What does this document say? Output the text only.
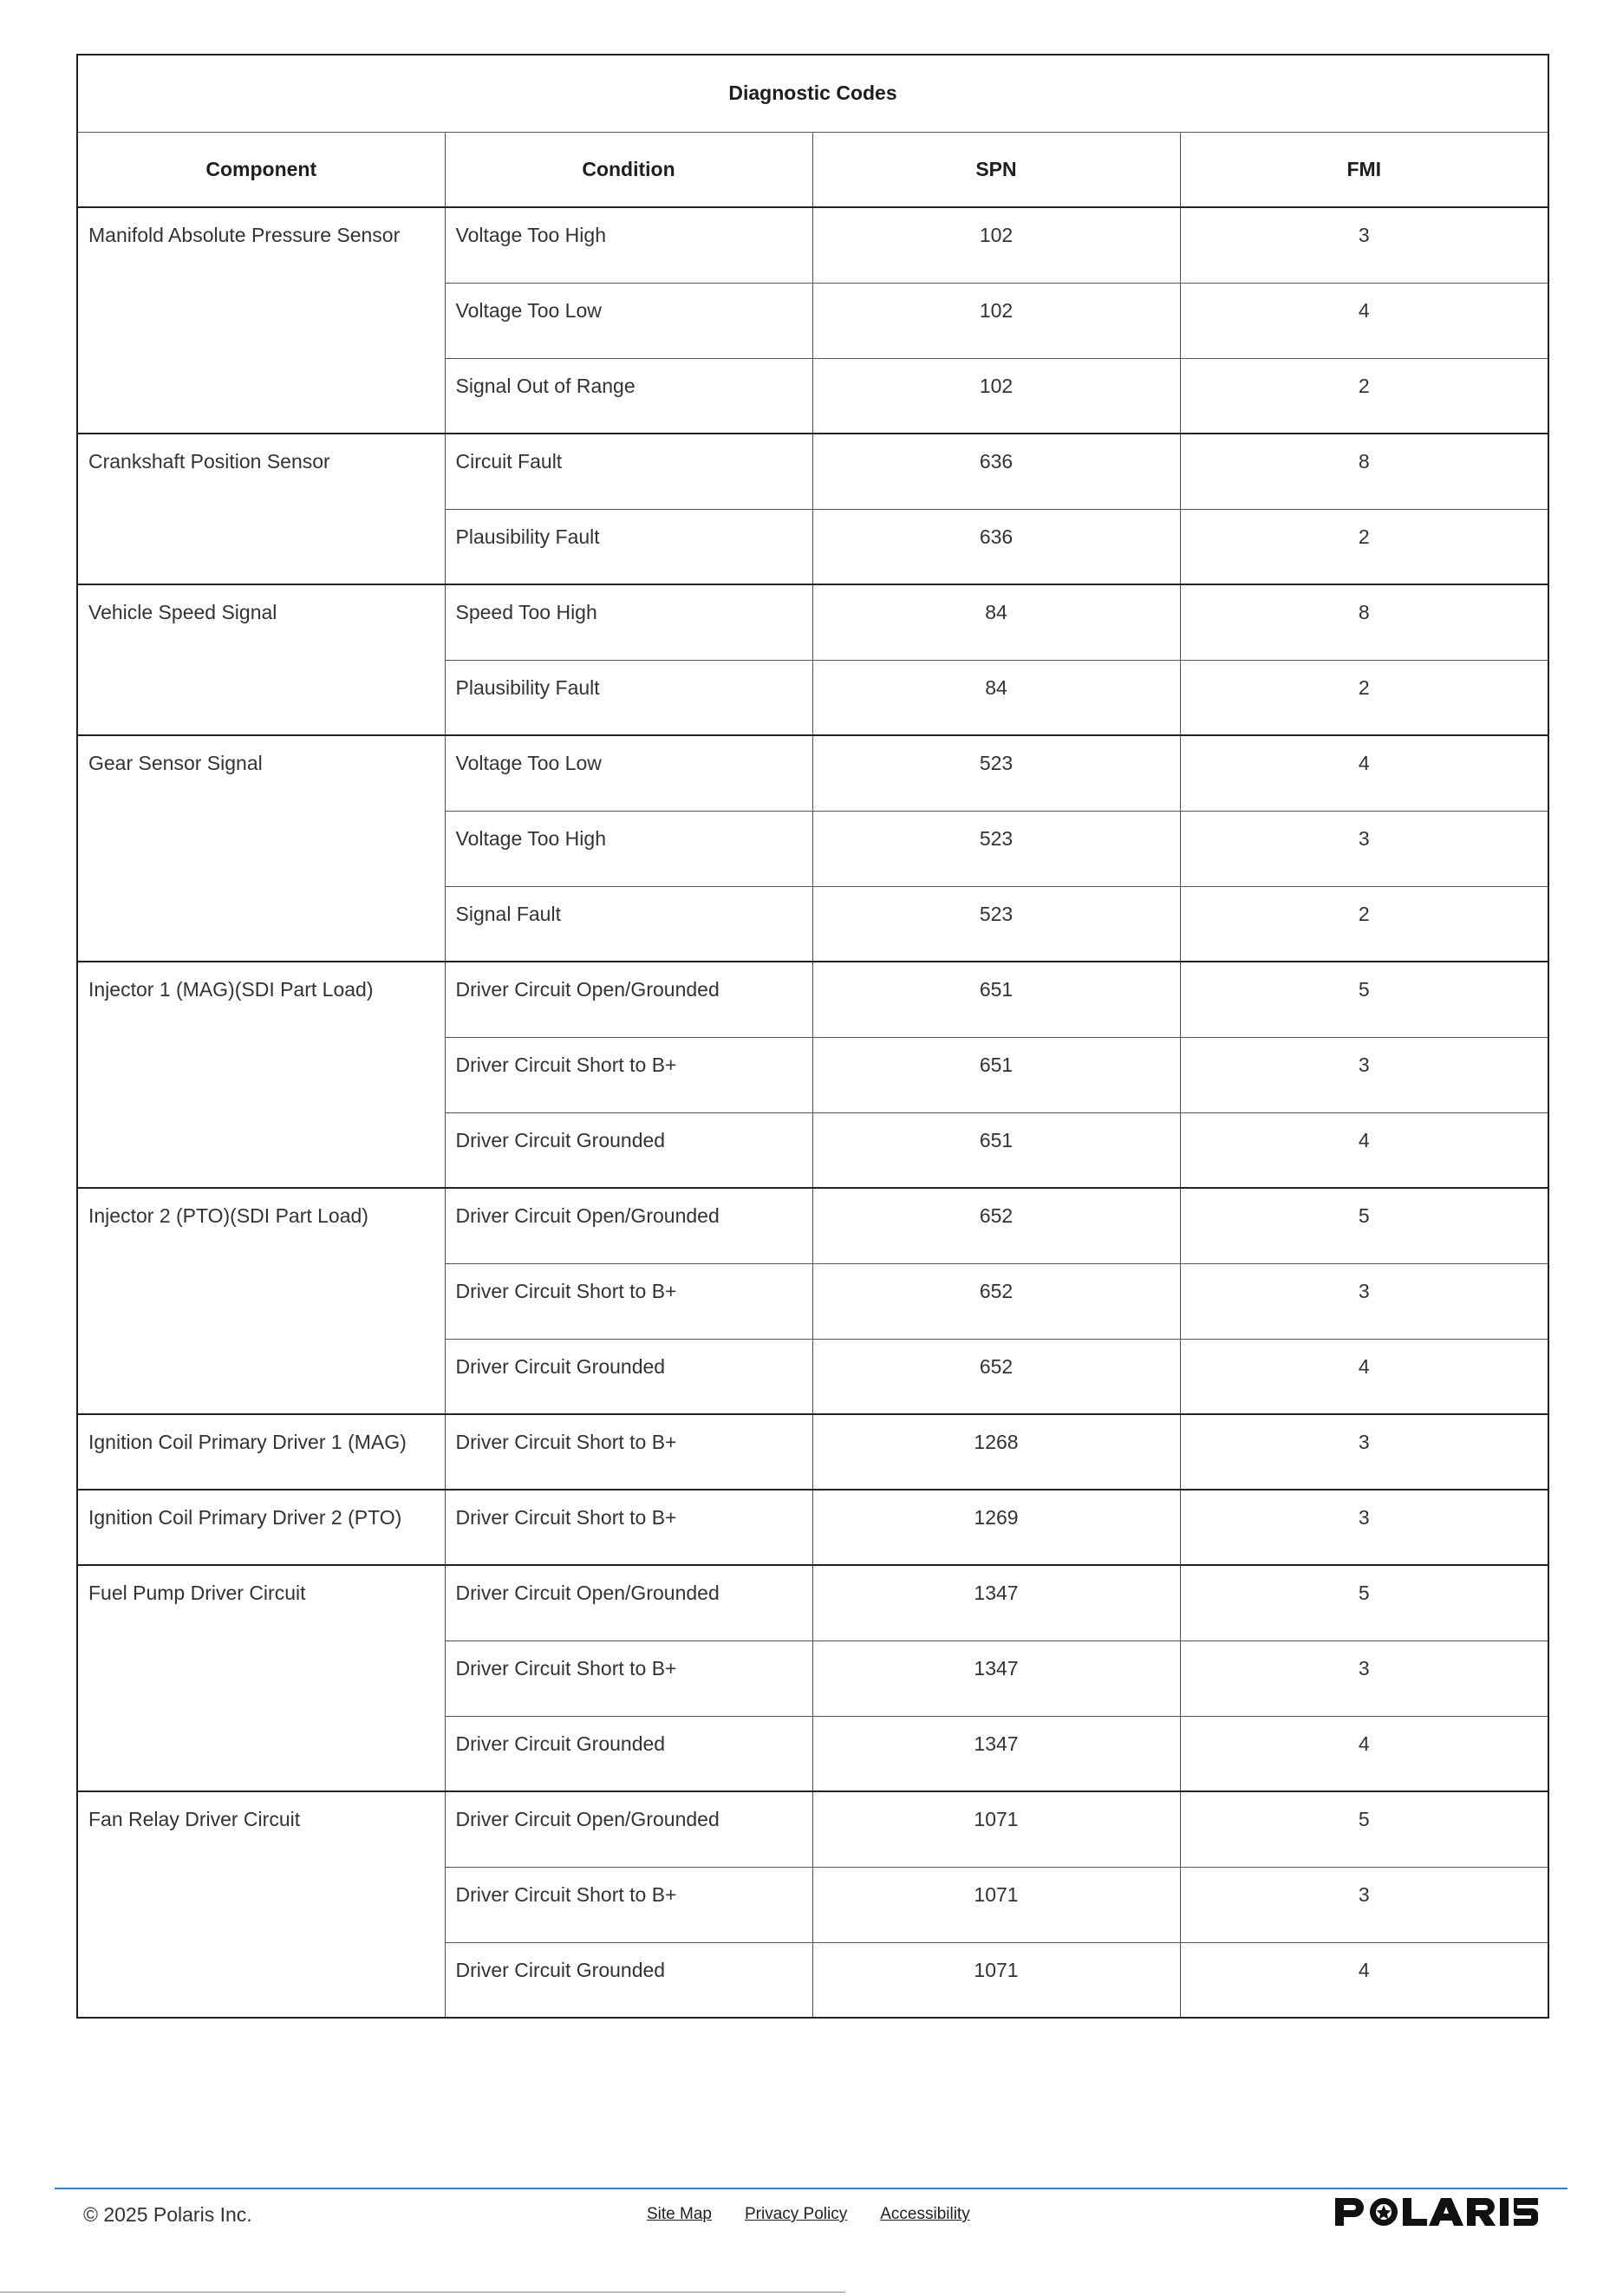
Diagnostic Codes			
Component	Condition	SPN	FMI
Manifold Absolute Pressure Sensor	Voltage Too High	102	3
	Voltage Too Low	102	4
	Signal Out of Range	102	2
Crankshaft Position Sensor	Circuit Fault	636	8
	Plausibility Fault	636	2
Vehicle Speed Signal	Speed Too High	84	8
	Plausibility Fault	84	2
Gear Sensor Signal	Voltage Too Low	523	4
	Voltage Too High	523	3
	Signal Fault	523	2
Injector 1 (MAG)(SDI Part Load)	Driver Circuit Open/Grounded	651	5
	Driver Circuit Short to B+	651	3
	Driver Circuit Grounded	651	4
Injector 2 (PTO)(SDI Part Load)	Driver Circuit Open/Grounded	652	5
	Driver Circuit Short to B+	652	3
	Driver Circuit Grounded	652	4
Ignition Coil Primary Driver 1 (MAG)	Driver Circuit Short to B+	1268	3
Ignition Coil Primary Driver 2 (PTO)	Driver Circuit Short to B+	1269	3
Fuel Pump Driver Circuit	Driver Circuit Open/Grounded	1347	5
	Driver Circuit Short to B+	1347	3
	Driver Circuit Grounded	1347	4
Fan Relay Driver Circuit	Driver Circuit Open/Grounded	1071	5
	Driver Circuit Short to B+	1071	3
	Driver Circuit Grounded	1071	4
© 2025 Polaris Inc.	Site Map Privacy Policy Accessibility
